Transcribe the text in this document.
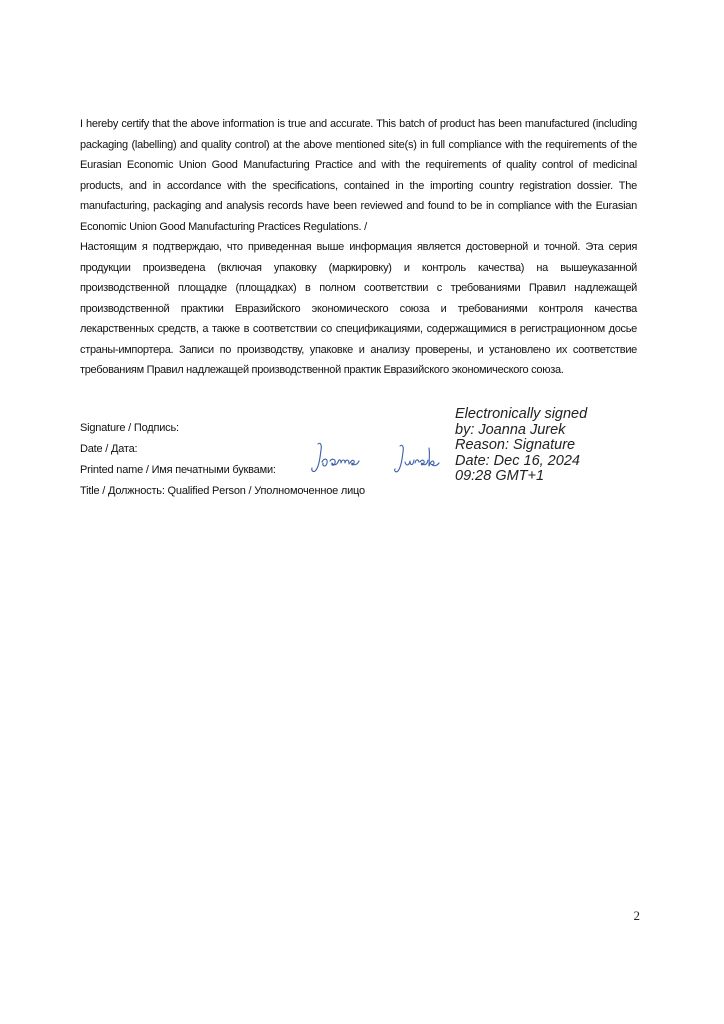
I hereby certify that the above information is true and accurate. This batch of product has been manufactured (including packaging (labelling) and quality control) at the above mentioned site(s) in full compliance with the requirements of the Eurasian Economic Union Good Manufacturing Practice and with the requirements of quality control of medicinal products, and in accordance with the specifications, contained in the importing country registration dossier. The manufacturing, packaging and analysis records have been reviewed and found to be in compliance with the Eurasian Economic Union Good Manufacturing Practices Regulations. /

Настоящим я подтверждаю, что приведенная выше информация является достоверной и точной. Эта серия продукции произведена (включая упаковку (маркировку) и контроль качества) на вышеуказанной производственной площадке (площадках) в полном соответствии с требованиями Правил надлежащей производственной практики Евразийского экономического союза и требованиями контроля качества лекарственных средств, а также в соответствии со спецификациями, содержащимися в регистрационном досье страны-импортера. Записи по производству, упаковке и анализу проверены, и установлено их соответствие требованиям Правил надлежащей производственной практик Евразийского экономического союза.

Signature / Подпись:
Date / Дата:
Printed name / Имя печатными буквами:
Title / Должность: Qualified Person / Уполномоченное лицо
Electronically signed
by: Joanna Jurek
Reason: Signature
Date: Dec 16, 2024
09:28 GMT+1
2
